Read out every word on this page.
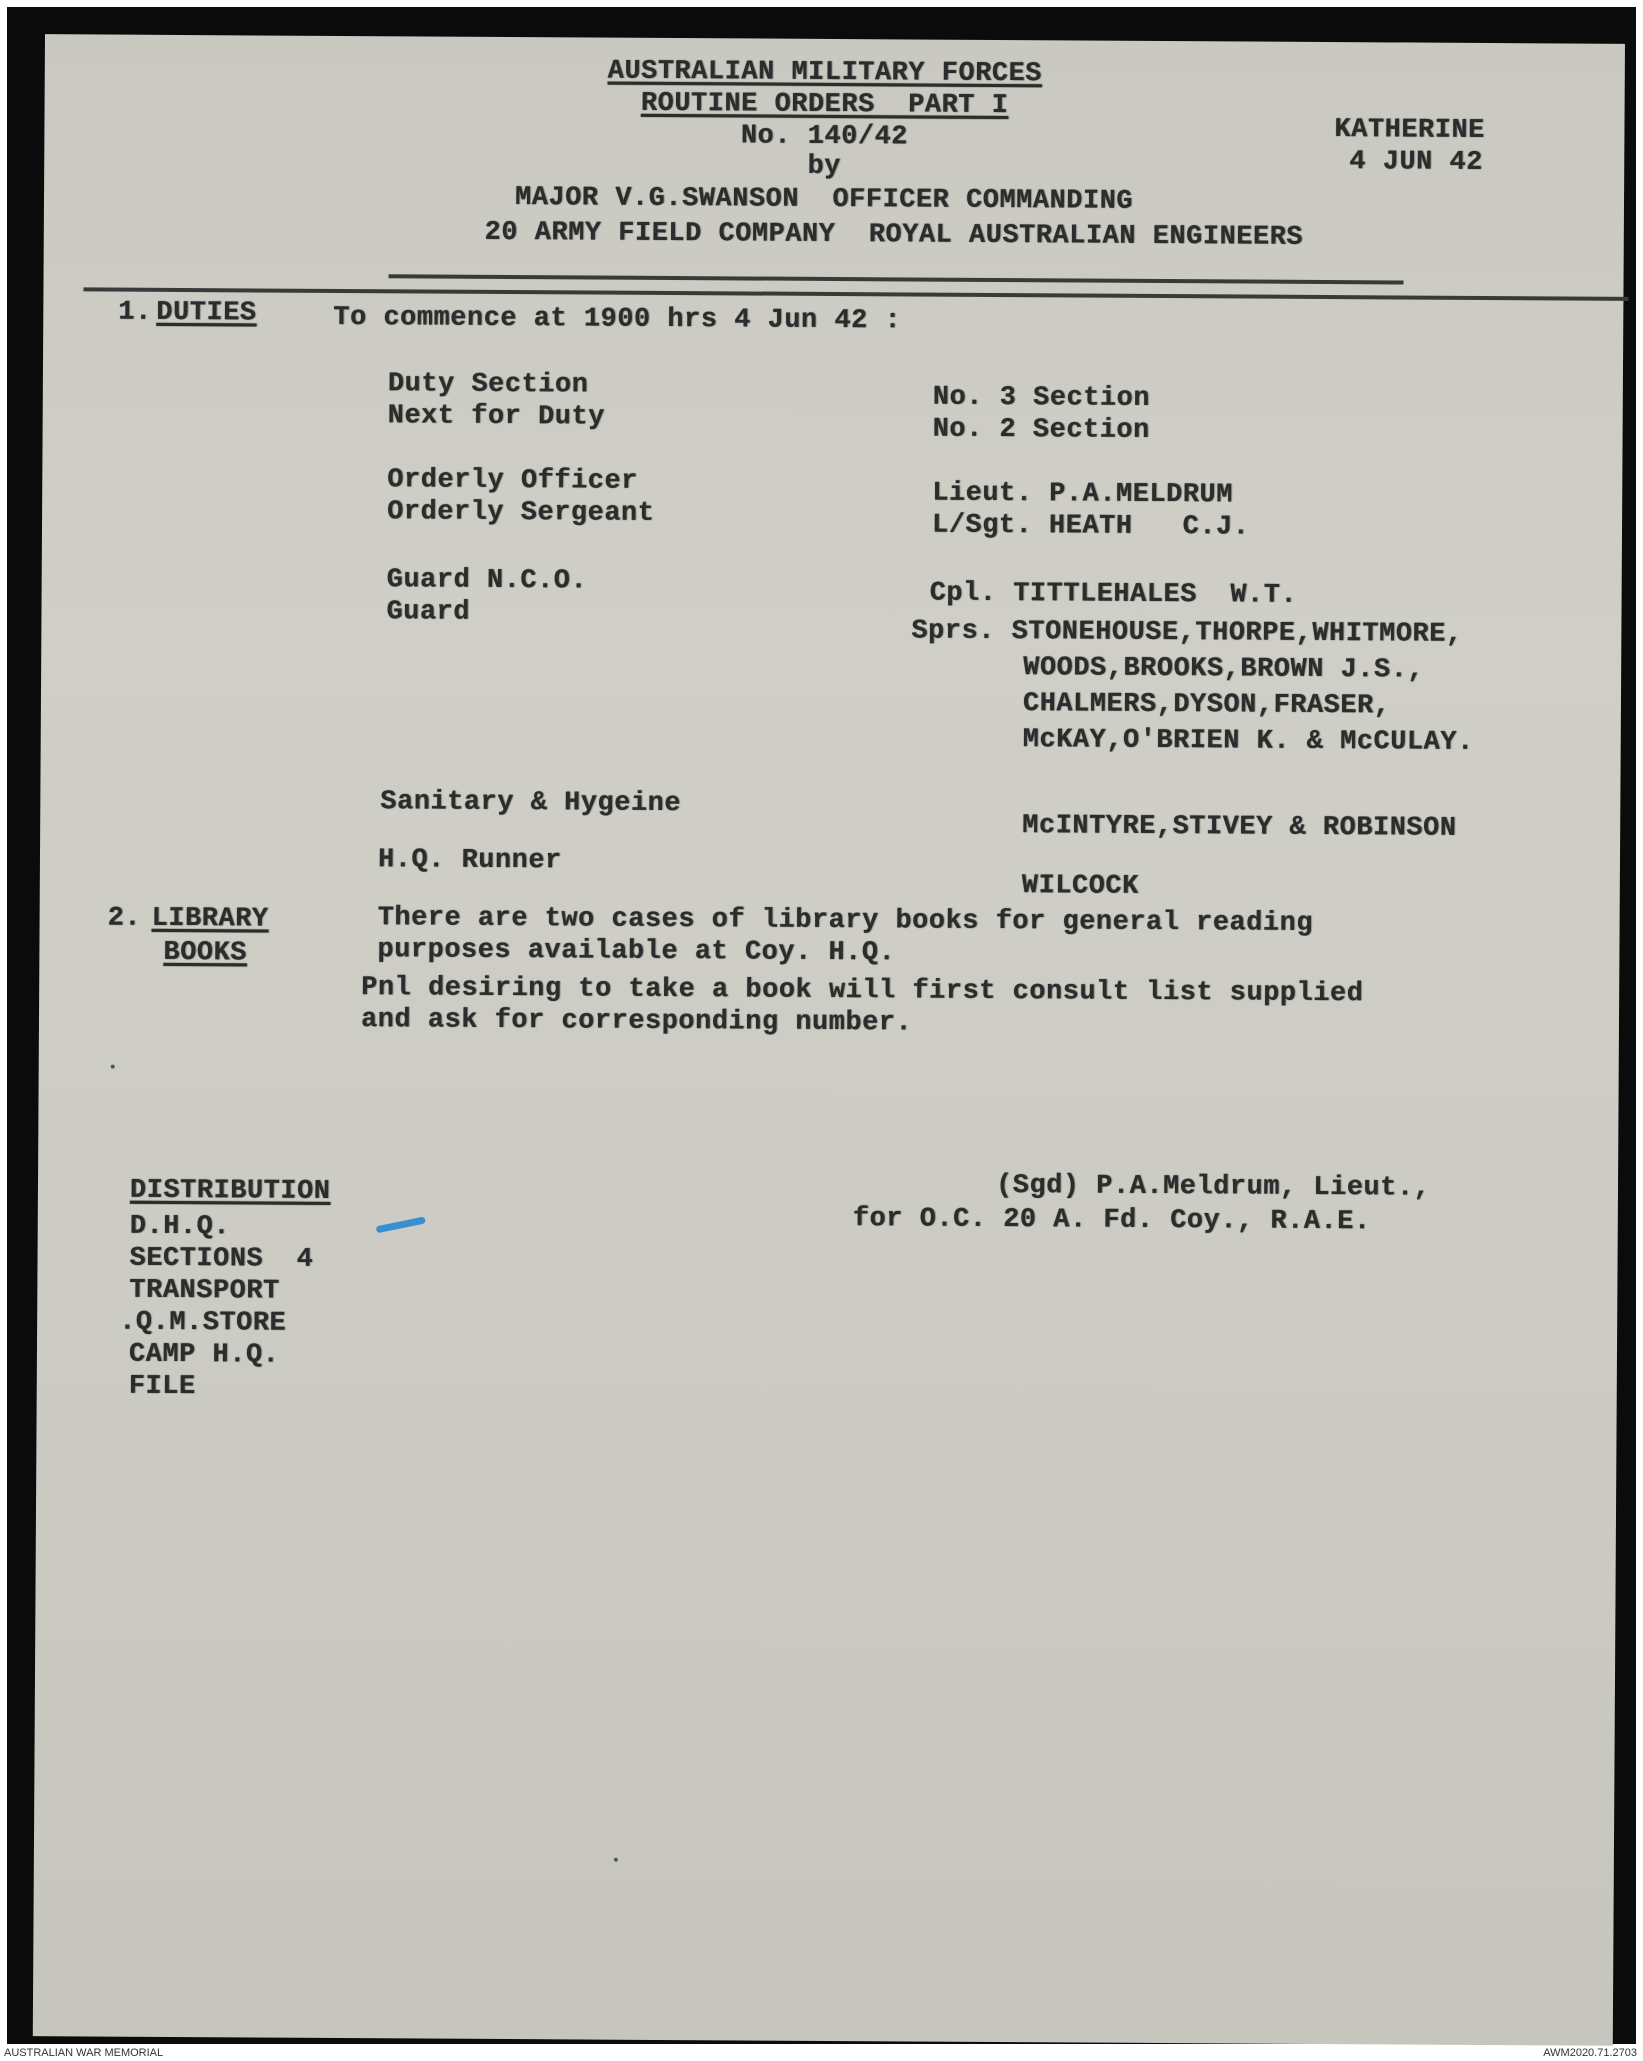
AUSTRALIAN MILITARY FORCES
ROUTINE ORDERS  PART I
No. 140/42
by
MAJOR V.G.SWANSON  OFFICER COMMANDING
20 ARMY FIELD COMPANY  ROYAL AUSTRALIAN ENGINEERS
KATHERINE
4 JUN 42
1. DUTIES	To commence at 1900 hrs 4 Jun 42 :
Duty Section
Next for Duty
No. 3 Section
No. 2 Section
Orderly Officer
Orderly Sergeant
Lieut. P.A.MELDRUM
L/Sgt. HEATH   C.J.
Guard N.C.O.
Guard
Cpl. TITTLEHALES  W.T.
Sprs. STONEHOUSE,THORPE,WHITMORE,
WOODS,BROOKS,BROWN J.S.,
CHALMERS,DYSON,FRASER,
McKAY,O'BRIEN K. & McCULAY.
Sanitary & Hygeine
McINTYRE,STIVEY & ROBINSON
H.Q. Runner
WILCOCK
2. LIBRARY
BOOKS
There are two cases of library books for general reading
purposes available at Coy. H.Q.
Pnl desiring to take a book will first consult list supplied
and ask for corresponding number.
(Sgd) P.A.Meldrum, Lieut.,
for O.C. 20 A. Fd. Coy., R.A.E.
DISTRIBUTION
D.H.Q.
SECTIONS  4
TRANSPORT
.Q.M.STORE
CAMP H.Q.
FILE
AUSTRALIAN WAR MEMORIAL	AWM2020.71.2703
